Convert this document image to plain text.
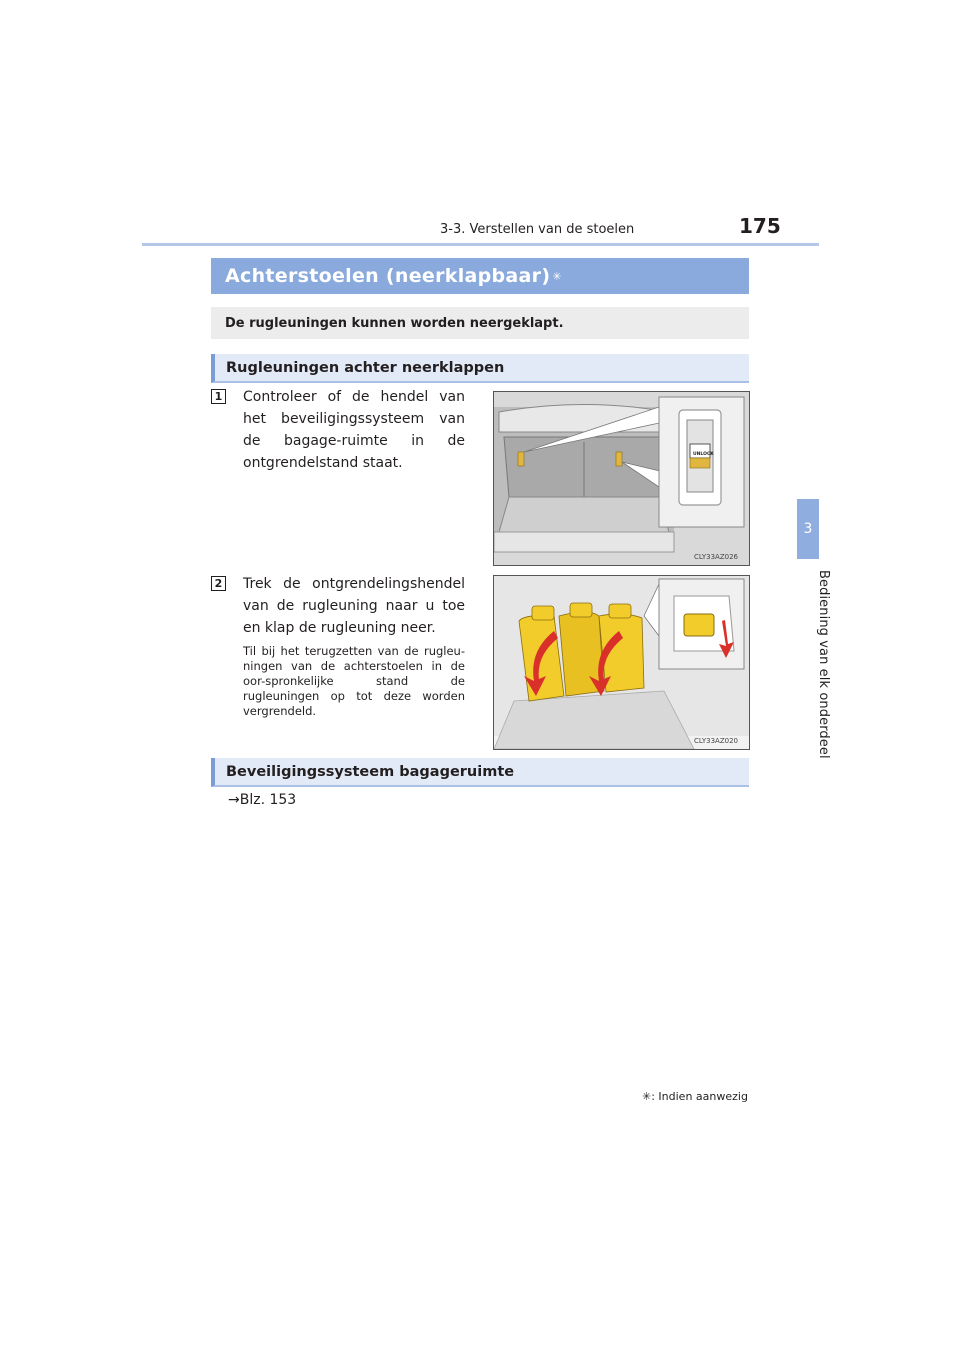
3-3. Verstellen van de stoelen	175
3
Bediening van elk onderdeel
Achterstoelen (neerklapbaar) ✳
De rugleuningen kunnen worden neergeklapt.
Rugleuningen achter neerklappen
1 Controleer of de hendel van het beveiligingssysteem van de bagage-ruimte in de ontgrendelstand staat.
UNLOCK
CLY33AZ026
2 Trek de ontgrendelingshendel van de rugleuning naar u toe en klap de rugleuning neer.
Til bij het terugzetten van de rugleu-ningen van de achterstoelen in de oor-spronkelijke stand de rugleuningen op tot deze worden vergrendeld.
CLY33AZ020
Beveiligingssysteem bagageruimte
→Blz. 153
✳: Indien aanwezig
